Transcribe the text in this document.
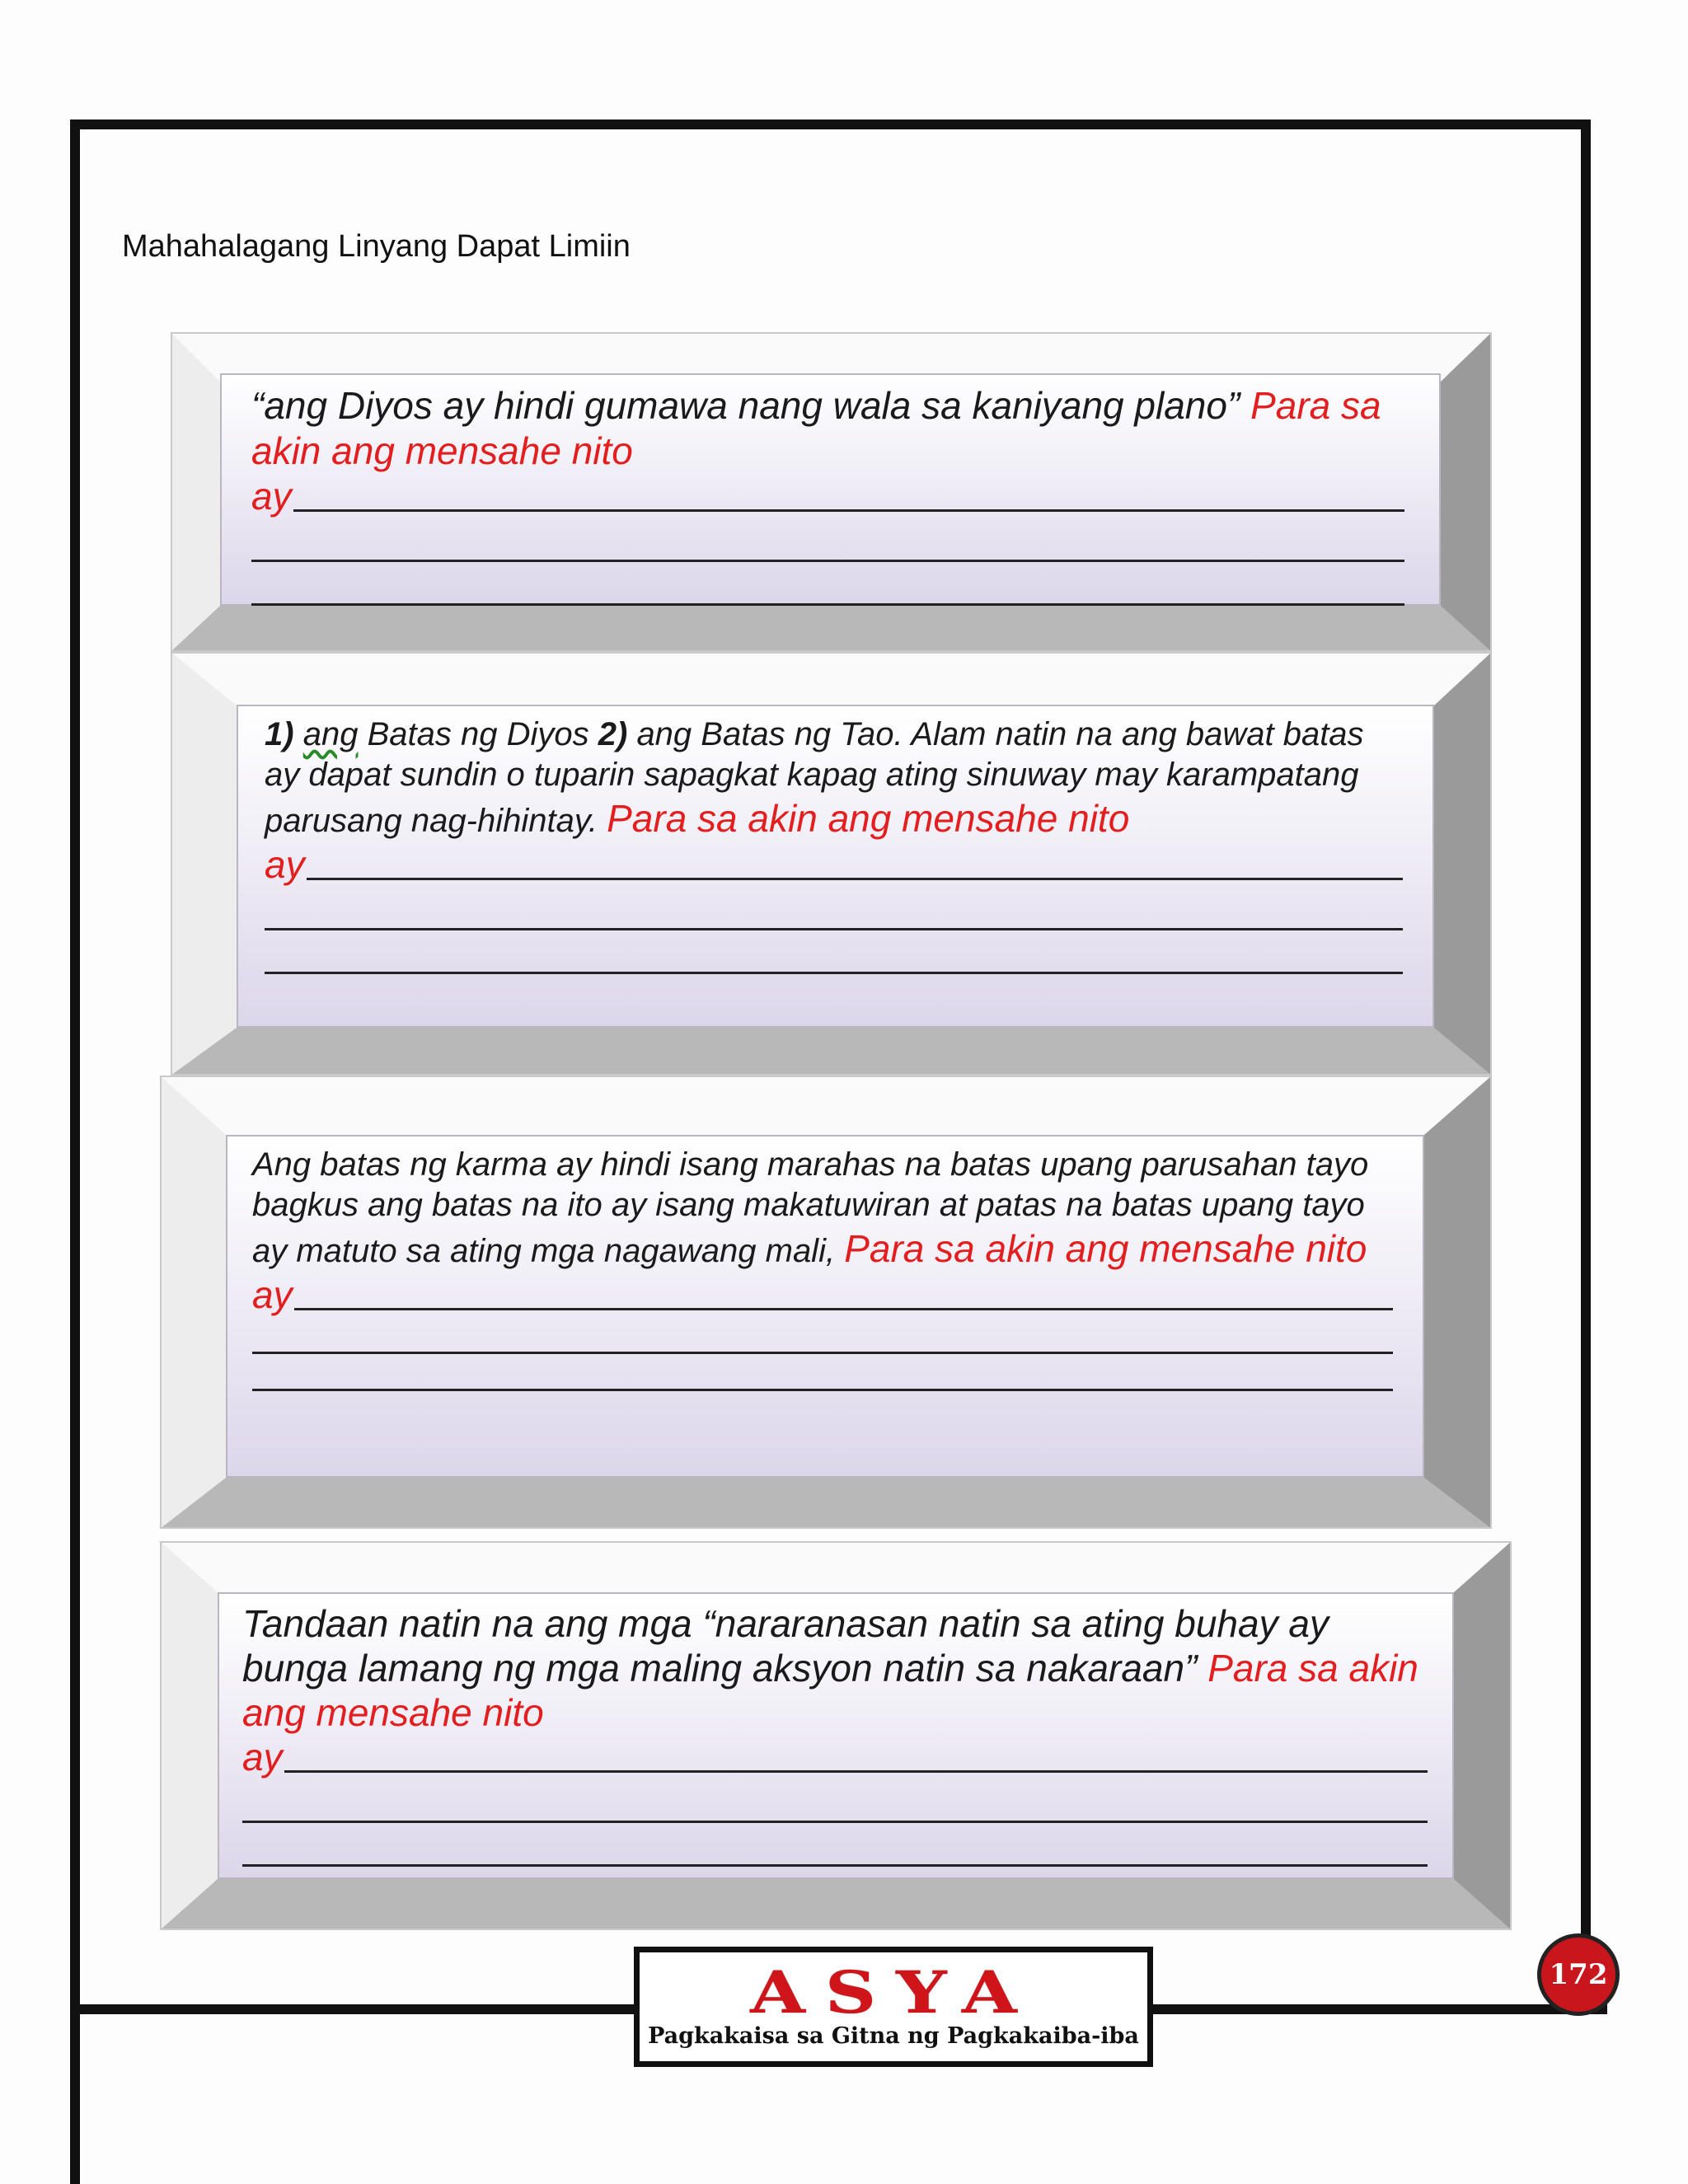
Mahahalagang Linyang Dapat Limiin
“ang Diyos ay hindi gumawa nang wala sa kaniyang plano” Para sa akin ang mensahe nito
ay
1) ang Batas ng Diyos 2) ang Batas ng Tao. Alam natin na ang bawat batas ay dapat sundin o tuparin sapagkat kapag ating sinuway may karampatang parusang nag-hihintay. Para sa akin ang mensahe nito
ay
Ang batas ng karma ay hindi isang marahas na batas upang parusahan tayo bagkus ang batas na ito ay isang makatuwiran at patas na batas upang tayo ay matuto sa ating mga nagawang mali, Para sa akin ang mensahe nito
ay
Tandaan natin na ang mga “nararanasan natin sa ating buhay ay bunga lamang ng mga maling aksyon natin sa nakaraan” Para sa akin ang mensahe nito
ay
ASYA
Pagkakaisa sa Gitna ng Pagkakaiba-iba
172
